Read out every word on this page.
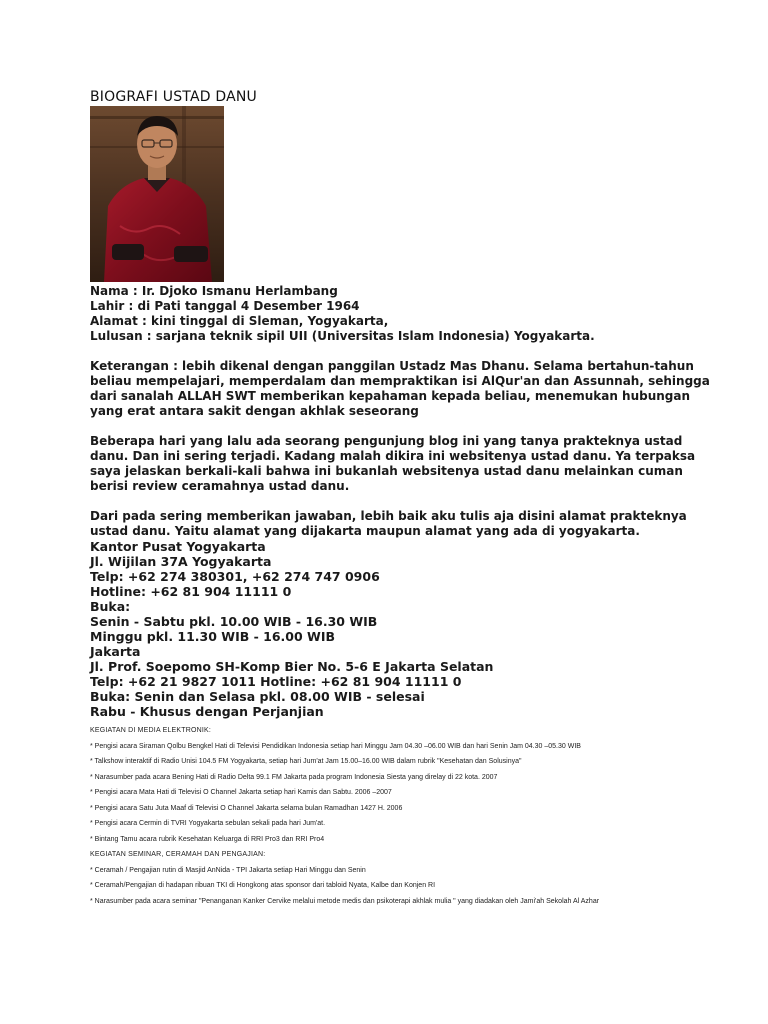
BIOGRAFI USTAD DANU

Nama : Ir. Djoko Ismanu Herlambang

Lahir : di Pati tanggal 4 Desember 1964

Alamat : kini tinggal di Sleman, Yogyakarta,

Lulusan : sarjana teknik sipil UII (Universitas Islam Indonesia) Yogyakarta.

Keterangan : lebih dikenal dengan panggilan Ustadz Mas Dhanu. Selama bertahun-tahun

beliau mempelajari, memperdalam dan mempraktikan isi AlQur'an dan Assunnah, sehingga

dari sanalah ALLAH SWT memberikan kepahaman kepada beliau, menemukan hubungan

yang erat antara sakit dengan akhlak seseorang

Beberapa hari yang lalu ada seorang pengunjung blog ini yang tanya prakteknya ustad

danu. Dan ini sering terjadi. Kadang malah dikira ini websitenya ustad danu. Ya terpaksa

saya jelaskan berkali-kali bahwa ini bukanlah websitenya ustad danu melainkan cuman

berisi review ceramahnya ustad danu.

Dari pada sering memberikan jawaban, lebih baik aku tulis aja disini alamat prakteknya

ustad danu. Yaitu alamat yang dijakarta maupun alamat yang ada di yogyakarta.

Kantor Pusat Yogyakarta

Jl. Wijilan 37A Yogyakarta

Telp: +62 274 380301, +62 274 747 0906

Hotline: +62 81 904 11111 0

Buka:

Senin - Sabtu pkl. 10.00 WIB - 16.30 WIB

Minggu pkl. 11.30 WIB - 16.00 WIB

Jakarta

Jl. Prof. Soepomo SH-Komp Bier No. 5-6 E Jakarta Selatan

Telp: +62 21 9827 1011 Hotline: +62 81 904 11111 0

Buka: Senin dan Selasa pkl. 08.00 WIB - selesai

Rabu - Khusus dengan Perjanjian

KEGIATAN DI MEDIA ELEKTRONIK:

* Pengisi acara Siraman Qolbu Bengkel Hati di Televisi Pendidikan Indonesia setiap hari Minggu Jam 04.30 –06.00 WIB dan hari Senin Jam 04.30 –05.30 WIB

* Talkshow interaktif di Radio Unisi 104.5 FM Yogyakarta, setiap hari Jum'at Jam 15.00–16.00 WIB dalam rubrik "Kesehatan dan Solusinya"

* Narasumber pada acara Bening Hati di Radio Delta 99.1 FM Jakarta pada program Indonesia Siesta yang direlay di 22 kota. 2007

* Pengisi acara Mata Hati di Televisi O Channel Jakarta setiap hari Kamis dan Sabtu. 2006 –2007

* Pengisi acara Satu Juta Maaf di Televisi O Channel Jakarta selama bulan Ramadhan 1427 H. 2006

* Pengisi acara Cermin di TVRI Yogyakarta sebulan sekali pada hari Jum'at.

* Bintang Tamu acara rubrik Kesehatan Keluarga di RRI Pro3 dan RRI Pro4

KEGIATAN SEMINAR, CERAMAH DAN PENGAJIAN:

* Ceramah / Pengajian rutin di Masjid AnNida - TPI Jakarta setiap Hari Minggu dan Senin

* Ceramah/Pengajian di hadapan ribuan TKI di Hongkong atas sponsor dari tabloid Nyata, Kalbe dan Konjen RI

* Narasumber pada acara seminar "Penanganan Kanker Cervike melalui metode medis dan psikoterapi akhlak mulia " yang diadakan oleh Jami'ah Sekolah Al Azhar
